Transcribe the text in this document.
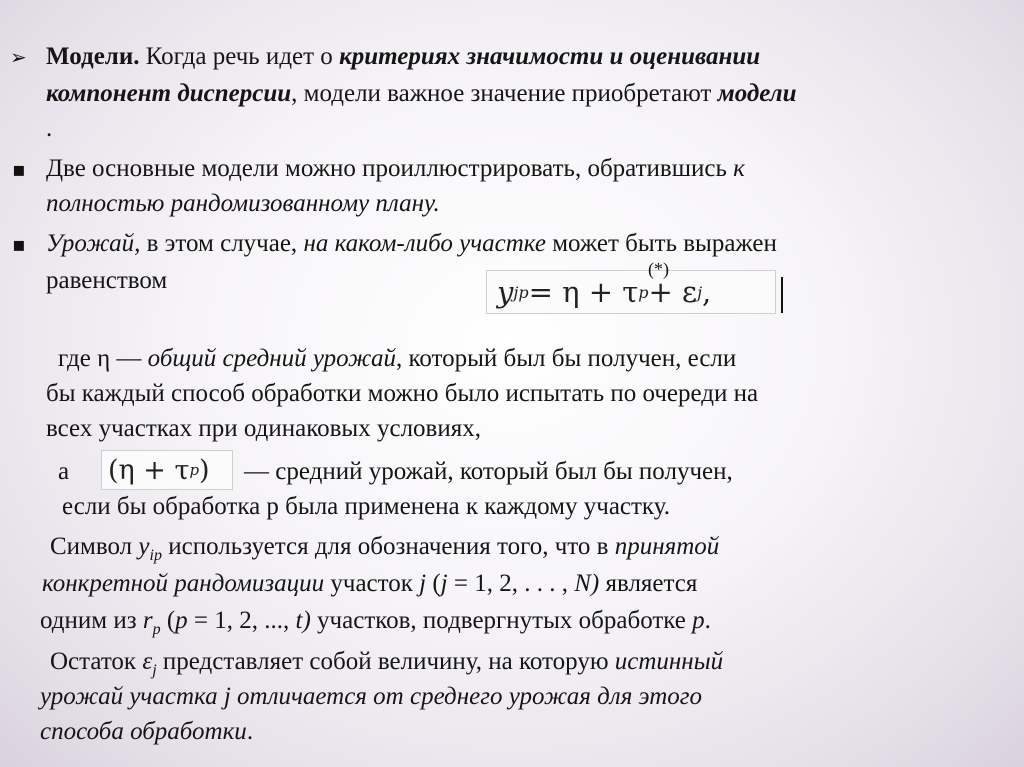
➢ Модели. Когда речь идет о критериях значимости и оценивании
компонент дисперсии, модели важное значение приобретают модели
.
▪ Две основные модели можно проиллюстрировать, обратившись к
полностью рандомизованному плану.
▪ Урожай, в этом случае, на каком-либо участке может быть выражен
равенством	y jp = η + τ p + ε j ,
(*)
где η — общий средний урожай, который был бы получен, если
бы каждый способ обработки можно было испытать по очереди на
всех участках при одинаковых условиях,
а (η + τ p ) — средний урожай, который был бы получен,
если бы обработка р была применена к каждому участку.
Символ $y_{ip}$ используется для обозначения того, что в принятой
конкретной рандомизации участок j (j = 1, 2, . . . , N) является
одним из $r_p$ (p = 1, 2, ..., t) участков, подвергнутых обработке p.
Остаток $\varepsilon_j$ представляет собой величину, на которую истинный
урожай участка j отличается от среднего урожая для этого
способа обработки.
